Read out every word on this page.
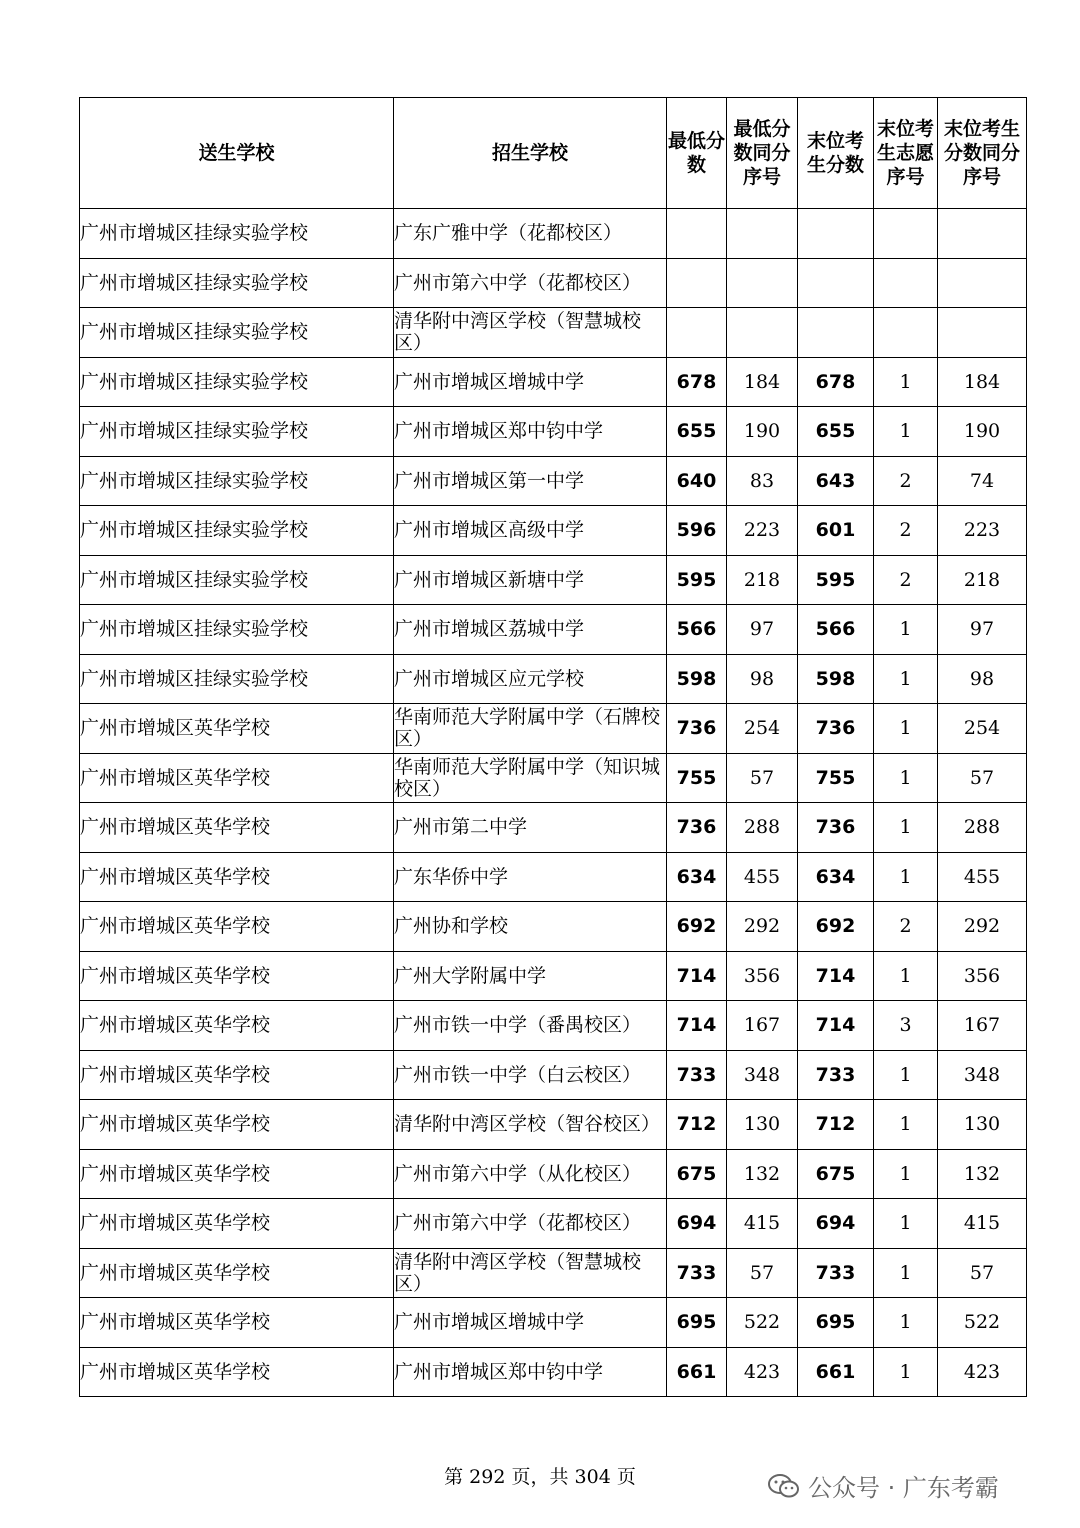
送生学校	招生学校	最低分数	最低分数同分序号	末位考生分数	末位考生志愿序号	末位考生分数同分序号
广州市增城区挂绿实验学校	广东广雅中学（花都校区）					
广州市增城区挂绿实验学校	广州市第六中学（花都校区）					
广州市增城区挂绿实验学校	清华附中湾区学校（智慧城校区）					
广州市增城区挂绿实验学校	广州市增城区增城中学	678	184	678	1	184
广州市增城区挂绿实验学校	广州市增城区郑中钧中学	655	190	655	1	190
广州市增城区挂绿实验学校	广州市增城区第一中学	640	83	643	2	74
广州市增城区挂绿实验学校	广州市增城区高级中学	596	223	601	2	223
广州市增城区挂绿实验学校	广州市增城区新塘中学	595	218	595	2	218
广州市增城区挂绿实验学校	广州市增城区荔城中学	566	97	566	1	97
广州市增城区挂绿实验学校	广州市增城区应元学校	598	98	598	1	98
广州市增城区英华学校	华南师范大学附属中学（石牌校区）	736	254	736	1	254
广州市增城区英华学校	华南师范大学附属中学（知识城校区）	755	57	755	1	57
广州市增城区英华学校	广州市第二中学	736	288	736	1	288
广州市增城区英华学校	广东华侨中学	634	455	634	1	455
广州市增城区英华学校	广州协和学校	692	292	692	2	292
广州市增城区英华学校	广州大学附属中学	714	356	714	1	356
广州市增城区英华学校	广州市铁一中学（番禺校区）	714	167	714	3	167
广州市增城区英华学校	广州市铁一中学（白云校区）	733	348	733	1	348
广州市增城区英华学校	清华附中湾区学校（智谷校区）	712	130	712	1	130
广州市增城区英华学校	广州市第六中学（从化校区）	675	132	675	1	132
广州市增城区英华学校	广州市第六中学（花都校区）	694	415	694	1	415
广州市增城区英华学校	清华附中湾区学校（智慧城校区）	733	57	733	1	57
广州市增城区英华学校	广州市增城区增城中学	695	522	695	1	522
广州市增城区英华学校	广州市增城区郑中钧中学	661	423	661	1	423
第 292 页，共 304 页	公众号 · 广东考霸
